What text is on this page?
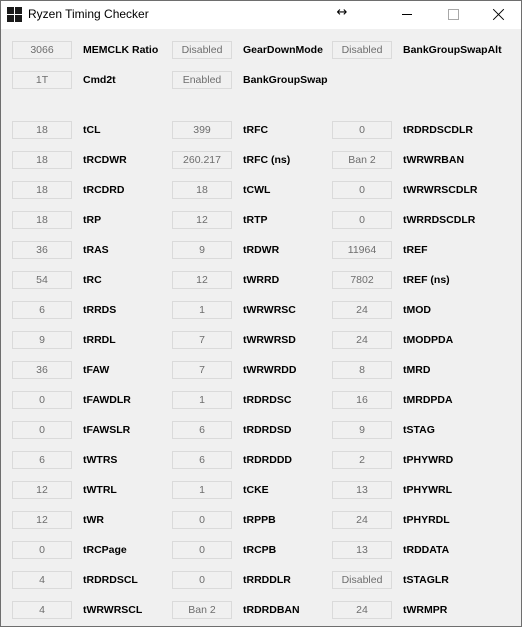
Ryzen Timing Checker	↔
3066	MEMCLK Ratio	Disabled	GearDownMode	Disabled	BankGroupSwapAlt
1T	Cmd2t	Enabled	BankGroupSwap
18	tCL	399	tRFC	0	tRDRDSCDLR
18	tRCDWR	260.217	tRFC (ns)	Ban 2	tWRWRBAN
18	tRCDRD	18	tCWL	0	tWRWRSCDLR
18	tRP	12	tRTP	0	tWRRDSCDLR
36	tRAS	9	tRDWR	11964	tREF
54	tRC	12	tWRRD	7802	tREF (ns)
6	tRRDS	1	tWRWRSC	24	tMOD
9	tRRDL	7	tWRWRSD	24	tMODPDA
36	tFAW	7	tWRWRDD	8	tMRD
0	tFAWDLR	1	tRDRDSC	16	tMRDPDA
0	tFAWSLR	6	tRDRDSD	9	tSTAG
6	tWTRS	6	tRDRDDD	2	tPHYWRD
12	tWTRL	1	tCKE	13	tPHYWRL
12	tWR	0	tRPPB	24	tPHYRDL
0	tRCPage	0	tRCPB	13	tRDDATA
4	tRDRDSCL	0	tRRDDLR	Disabled	tSTAGLR
4	tWRWRSCL	Ban 2	tRDRDBAN	24	tWRMPR
